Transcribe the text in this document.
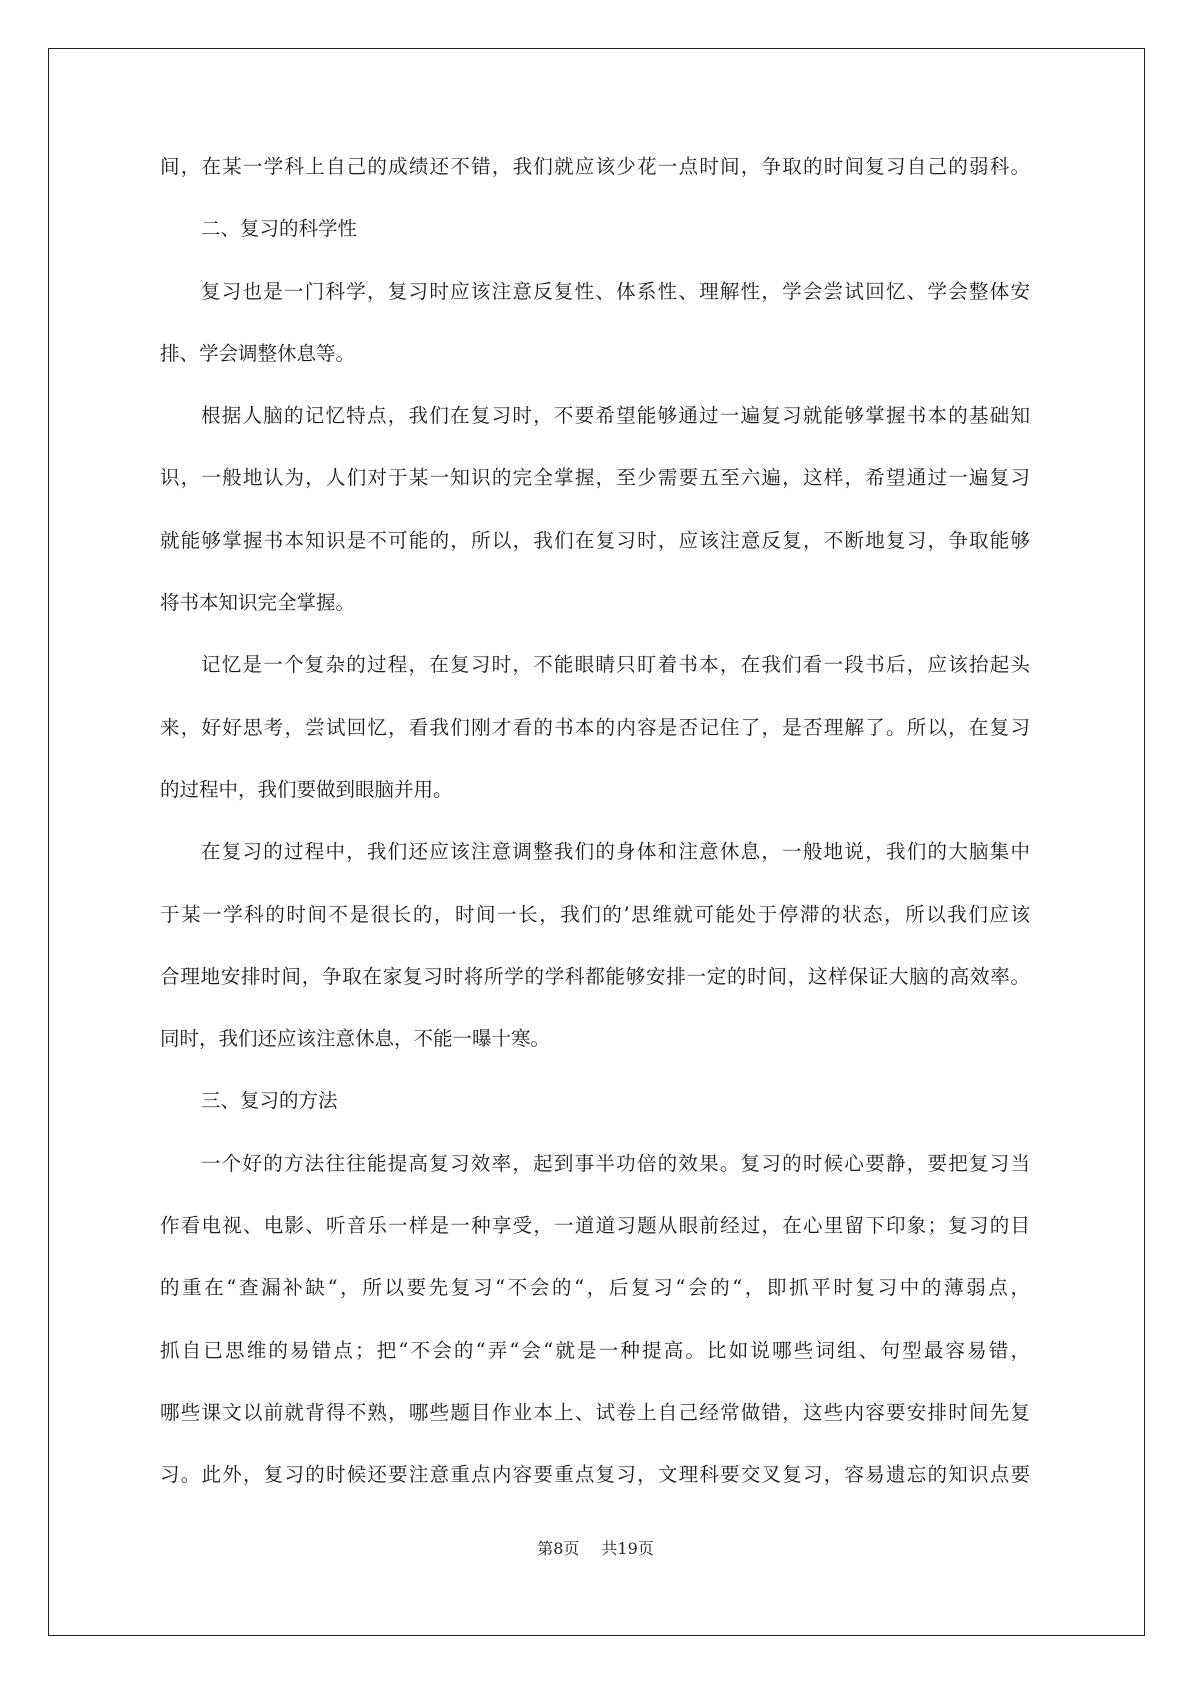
间，在某一学科上自己的成绩还不错，我们就应该少花一点时间，争取的时间复习自己的弱科。
二、复习的科学性
复习也是一门科学，复习时应该注意反复性、体系性、理解性，学会尝试回忆、学会整体安
排、学会调整休息等。
根据人脑的记忆特点，我们在复习时，不要希望能够通过一遍复习就能够掌握书本的基础知
识，一般地认为，人们对于某一知识的完全掌握，至少需要五至六遍，这样，希望通过一遍复习
就能够掌握书本知识是不可能的，所以，我们在复习时，应该注意反复，不断地复习，争取能够
将书本知识完全掌握。
记忆是一个复杂的过程，在复习时，不能眼睛只盯着书本，在我们看一段书后，应该抬起头
来，好好思考，尝试回忆，看我们刚才看的书本的内容是否记住了，是否理解了。所以，在复习
的过程中，我们要做到眼脑并用。
在复习的过程中，我们还应该注意调整我们的身体和注意休息，一般地说，我们的大脑集中
于某一学科的时间不是很长的，时间一长，我们的’思维就可能处于停滞的状态，所以我们应该
合理地安排时间，争取在家复习时将所学的学科都能够安排一定的时间，这样保证大脑的高效率。
同时，我们还应该注意休息，不能一曝十寒。
三、复习的方法
一个好的方法往往能提高复习效率，起到事半功倍的效果。复习的时候心要静，要把复习当
作看电视、电影、听音乐一样是一种享受，一道道习题从眼前经过，在心里留下印象；复习的目
的重在“查漏补缺“，所以要先复习“不会的“，后复习“会的“，即抓平时复习中的薄弱点，
抓自已思维的易错点；把“不会的“弄“会“就是一种提高。比如说哪些词组、句型最容易错，
哪些课文以前就背得不熟，哪些题目作业本上、试卷上自己经常做错，这些内容要安排时间先复
习。此外，复习的时候还要注意重点内容要重点复习，文理科要交叉复习，容易遗忘的知识点要
第8页 共19页
